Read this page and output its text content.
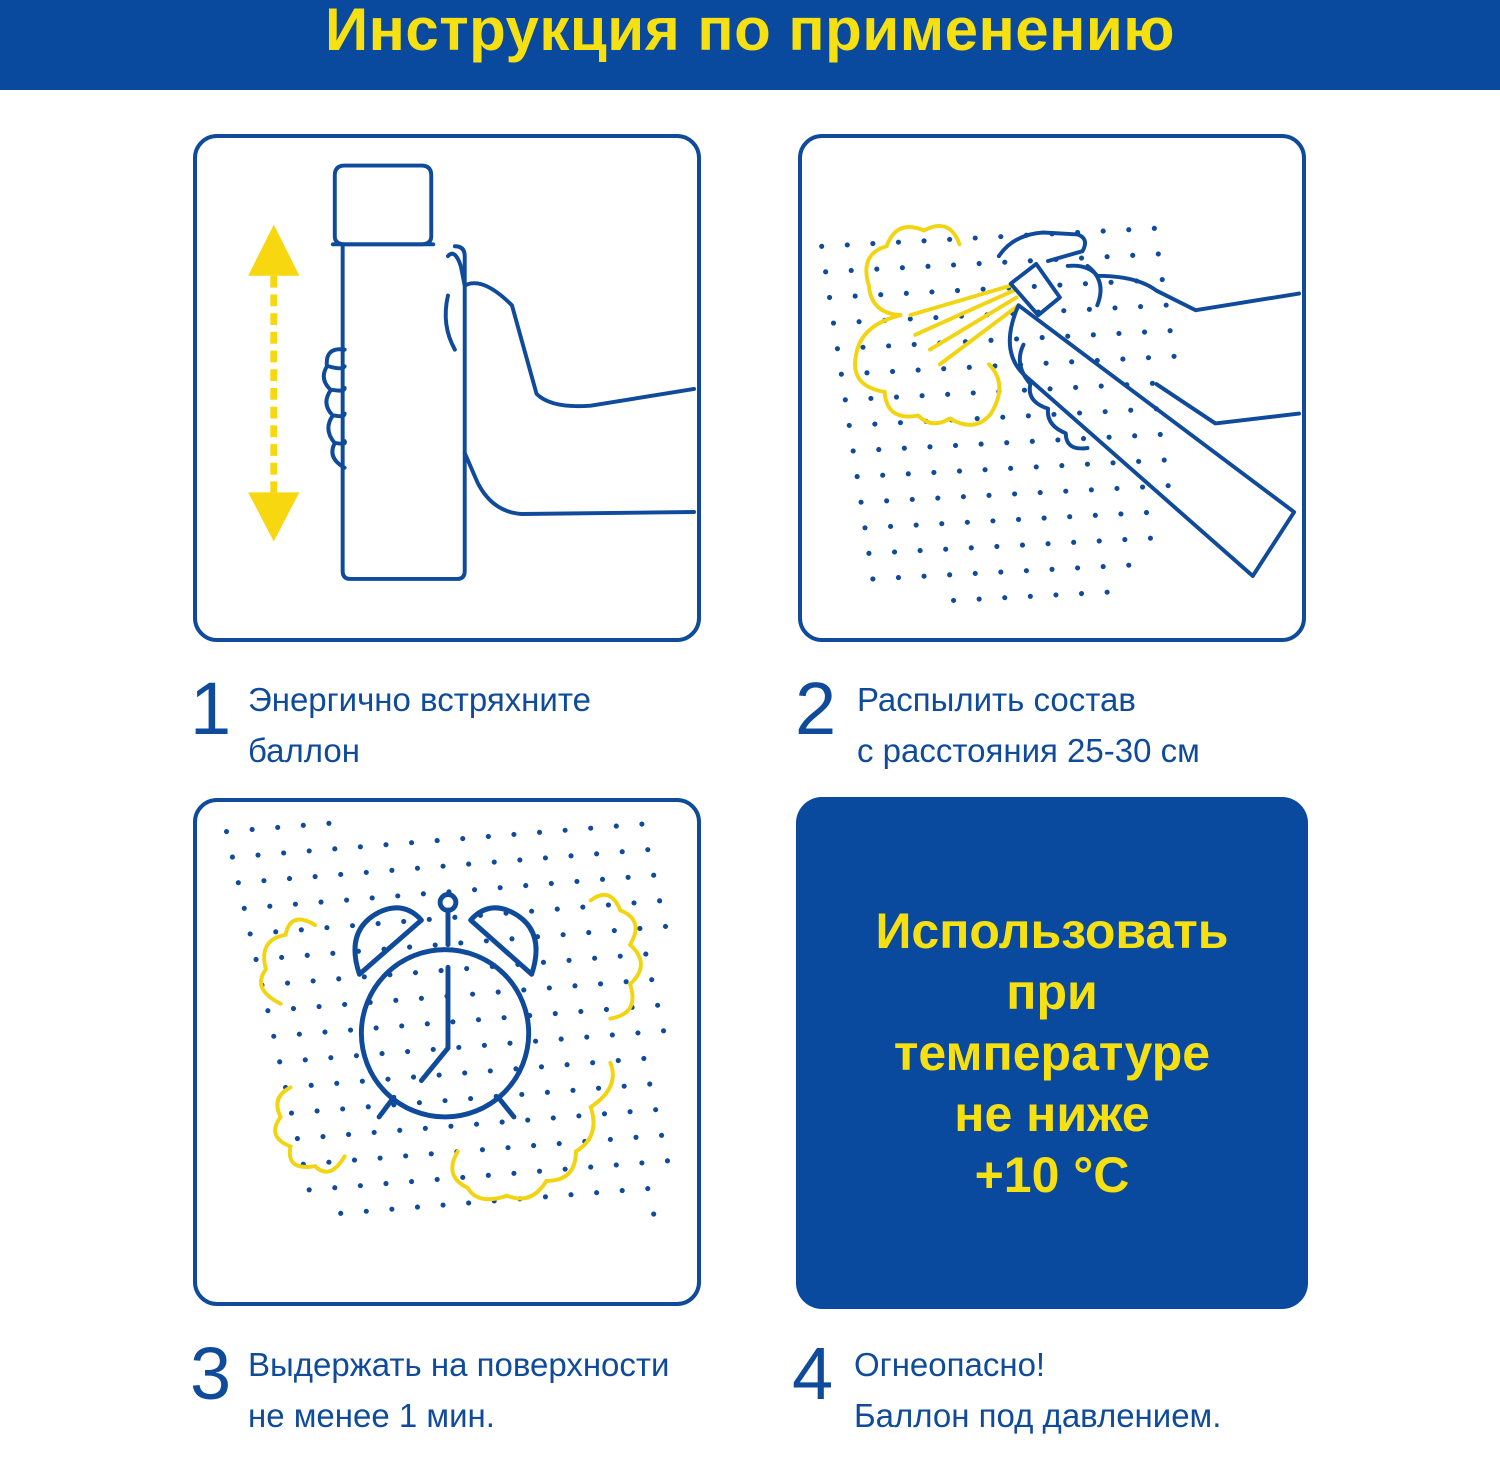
Инструкция по применению
Использовать
при
температуре
не ниже
+10 °C
1 Энергично встряхните
баллон
2 Распылить состав
с расстояния 25-30 см
3 Выдержать на поверхности
не менее 1 мин.
4 Огнеопасно!
Баллон под давлением.
